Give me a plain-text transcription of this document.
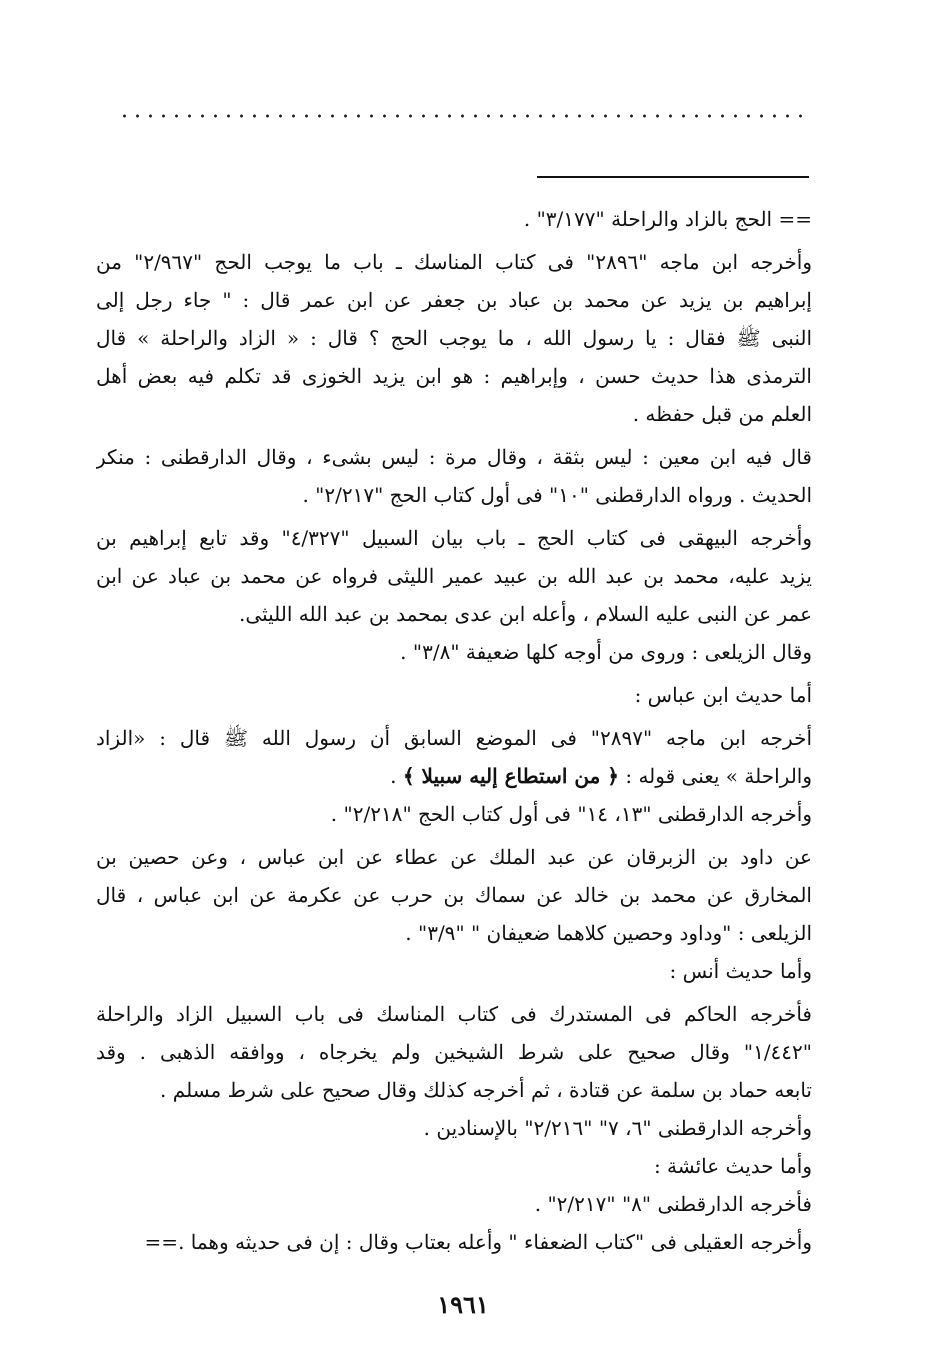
== الحج بالزاد والراحلة "٣/١٧٧" .
وأخرجه ابن ماجه "٢٨٩٦" فى كتاب المناسك ـ باب ما يوجب الحج "٢/٩٦٧" من
إبراهيم بن يزيد عن محمد بن عباد بن جعفر عن ابن عمر قال : " جاء رجل إلى
النبى ﷺ فقال : يا رسول الله ، ما يوجب الحج ؟ قال : « الزاد والراحلة » قال
الترمذى هذا حديث حسن ، وإبراهيم : هو ابن يزيد الخوزى قد تكلم فيه بعض أهل
العلم من قبل حفظه .
قال فيه ابن معين : ليس بثقة ، وقال مرة : ليس بشىء ، وقال الدارقطنى : منكر
الحديث . ورواه الدارقطنى "١٠" فى أول كتاب الحج "٢/٢١٧" .
وأخرجه البيهقى فى كتاب الحج ـ باب بيان السبيل "٤/٣٢٧" وقد تابع إبراهيم بن
يزيد عليه، محمد بن عبد الله بن عبيد عمير الليثى فرواه عن محمد بن عباد عن ابن
عمر عن النبى عليه السلام ، وأعله ابن عدى بمحمد بن عبد الله الليثى.
وقال الزيلعى : وروى من أوجه كلها ضعيفة "٣/٨" .
أما حديث ابن عباس :
أخرجه ابن ماجه "٢٨٩٧" فى الموضع السابق أن رسول الله ﷺ قال : «الزاد
والراحلة » يعنى قوله : ﴿ من استطاع إليه سبيلا ﴾ .
وأخرجه الدارقطنى "١٣، ١٤" فى أول كتاب الحج "٢/٢١٨" .
عن داود بن الزبرقان عن عبد الملك عن عطاء عن ابن عباس ، وعن حصين بن
المخارق عن محمد بن خالد عن سماك بن حرب عن عكرمة عن ابن عباس ، قال
الزيلعى : "وداود وحصين كلاهما ضعيفان " "٣/٩" .
وأما حديث أنس :
فأخرجه الحاكم فى المستدرك فى كتاب المناسك فى باب السبيل الزاد والراحلة
"١/٤٤٢" وقال صحيح على شرط الشيخين ولم يخرجاه ، ووافقه الذهبى . وقد
تابعه حماد بن سلمة عن قتادة ، ثم أخرجه كذلك وقال صحيح على شرط مسلم .
وأخرجه الدارقطنى "٦، ٧" "٢/٢١٦" بالإسنادين .
وأما حديث عائشة :
فأخرجه الدارقطنى "٨" "٢/٢١٧" .
وأخرجه العقيلى فى "كتاب الضعفاء " وأعله بعتاب وقال : إن فى حديثه وهما .==
١٩٦١
